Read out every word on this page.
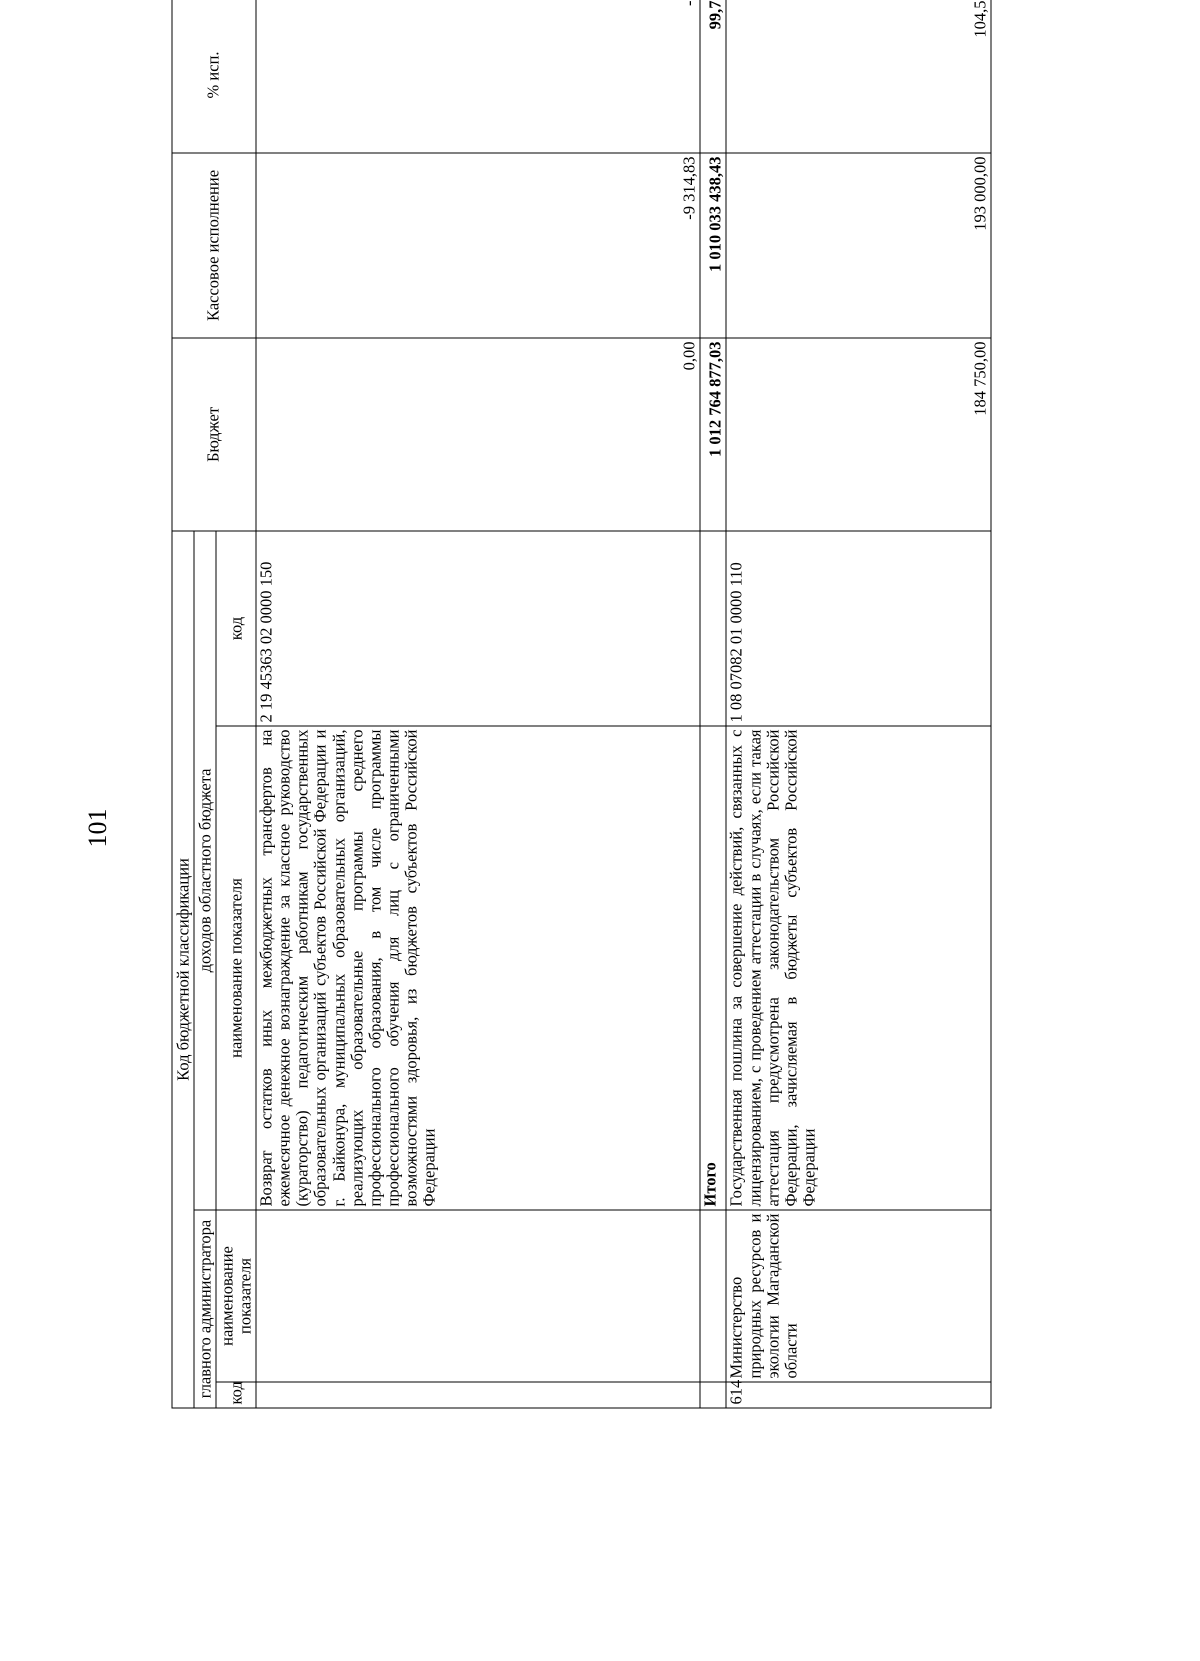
101
Код бюджетной классификации				Бюджет	Кассовое исполнение	% исп.
главного администратора		доходов областного бюджета				
код	наименование показателя	наименование показателя	код			
		Возврат остатков иных межбюджетных трансфертов на ежемесячное денежное вознаграждение за классное руководство (кураторство) педагогическим работникам государственных образовательных организаций субъектов Российской Федерации и г. Байконура, муниципальных образовательных организаций, реализующих образовательные программы среднего профессионального образования, в том числе программы профессионального обучения для лиц с ограниченными возможностями здоровья, из бюджетов субъектов Российской Федерации	2 19 45363 02 0000 150	0,00	-9 314,83	-
		Итого		1 012 764 877,03	1 010 033 438,43	99,7
614	Министерство природных ресурсов и экологии Магаданской области	Государственная пошлина за совершение действий, связанных с лицензированием, с проведением аттестации в случаях, если такая аттестация предусмотрена законодательством Российской Федерации, зачисляемая в бюджеты субъектов Российской Федерации	1 08 07082 01 0000 110	184 750,00	193 000,00	104,5
